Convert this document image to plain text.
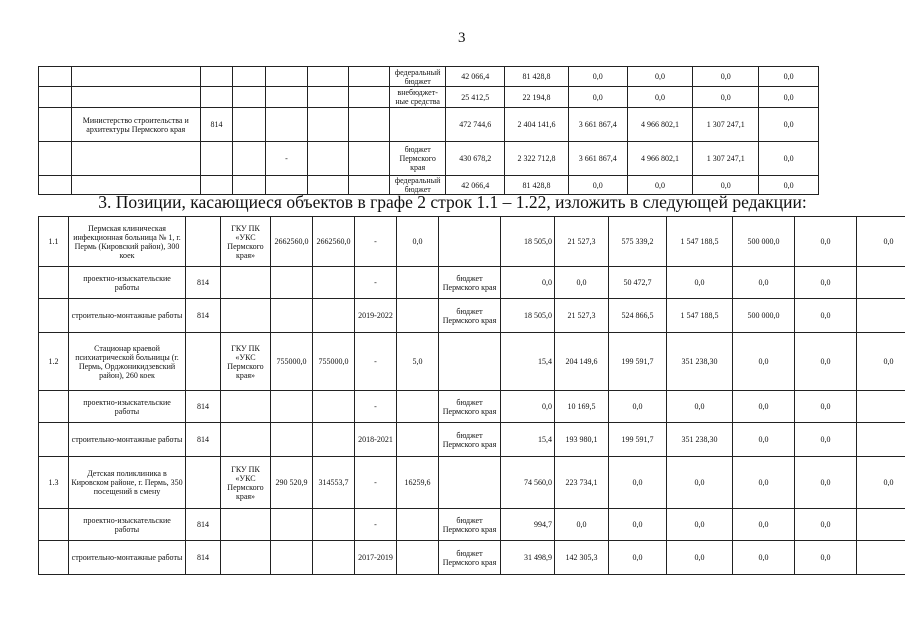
3
							федеральный бюджет	42 066,4	81 428,8	0,0	0,0	0,0	0,0
							внебюджет-ные средства	25 412,5	22 194,8	0,0	0,0	0,0	0,0
	Министерство строительства и архитектуры Пермского края	814						472 744,6	2 404 141,6	3 661 867,4	4 966 802,1	1 307 247,1	0,0
				-			бюджет Пермского края	430 678,2	2 322 712,8	3 661 867,4	4 966 802,1	1 307 247,1	0,0
							федеральный бюджет	42 066,4	81 428,8	0,0	0,0	0,0	0,0
3. Позиции, касающиеся объектов в графе 2 строк 1.1 – 1.22, изложить в следующей редакции:
1.1	Пермская клиническая инфекционная больница № 1, г. Пермь (Кировский район), 300 коек		ГКУ ПК «УКС Пермского края»	2662560,0	2662560,0	-	0,0		18 505,0	21 527,3	575 339,2	1 547 188,5	500 000,0	0,0	0,0
	проектно-изыскательские работы	814				-		бюджет Пермского края	0,0	0,0	50 472,7	0,0	0,0	0,0	
	строительно-монтажные работы	814				2019-2022		бюджет Пермского края	18 505,0	21 527,3	524 866,5	1 547 188,5	500 000,0	0,0	
1.2	Стационар краевой психиатрической больницы (г. Пермь, Орджоникидзевский район), 260 коек		ГКУ ПК «УКС Пермского края»	755000,0	755000,0	-	5,0		15,4	204 149,6	199 591,7	351 238,30	0,0	0,0	0,0
	проектно-изыскательские работы	814				-		бюджет Пермского края	0,0	10 169,5	0,0	0,0	0,0	0,0	
	строительно-монтажные работы	814				2018-2021		бюджет Пермского края	15,4	193 980,1	199 591,7	351 238,30	0,0	0,0	
1.3	Детская поликлиника в Кировском районе, г. Пермь, 350 посещений в смену		ГКУ ПК «УКС Пермского края»	290 520,9	314553,7	-	16259,6		74 560,0	223 734,1	0,0	0,0	0,0	0,0	0,0
	проектно-изыскательские работы	814				-		бюджет Пермского края	994,7	0,0	0,0	0,0	0,0	0,0	
	строительно-монтажные работы	814				2017-2019		бюджет Пермского края	31 498,9	142 305,3	0,0	0,0	0,0	0,0	
